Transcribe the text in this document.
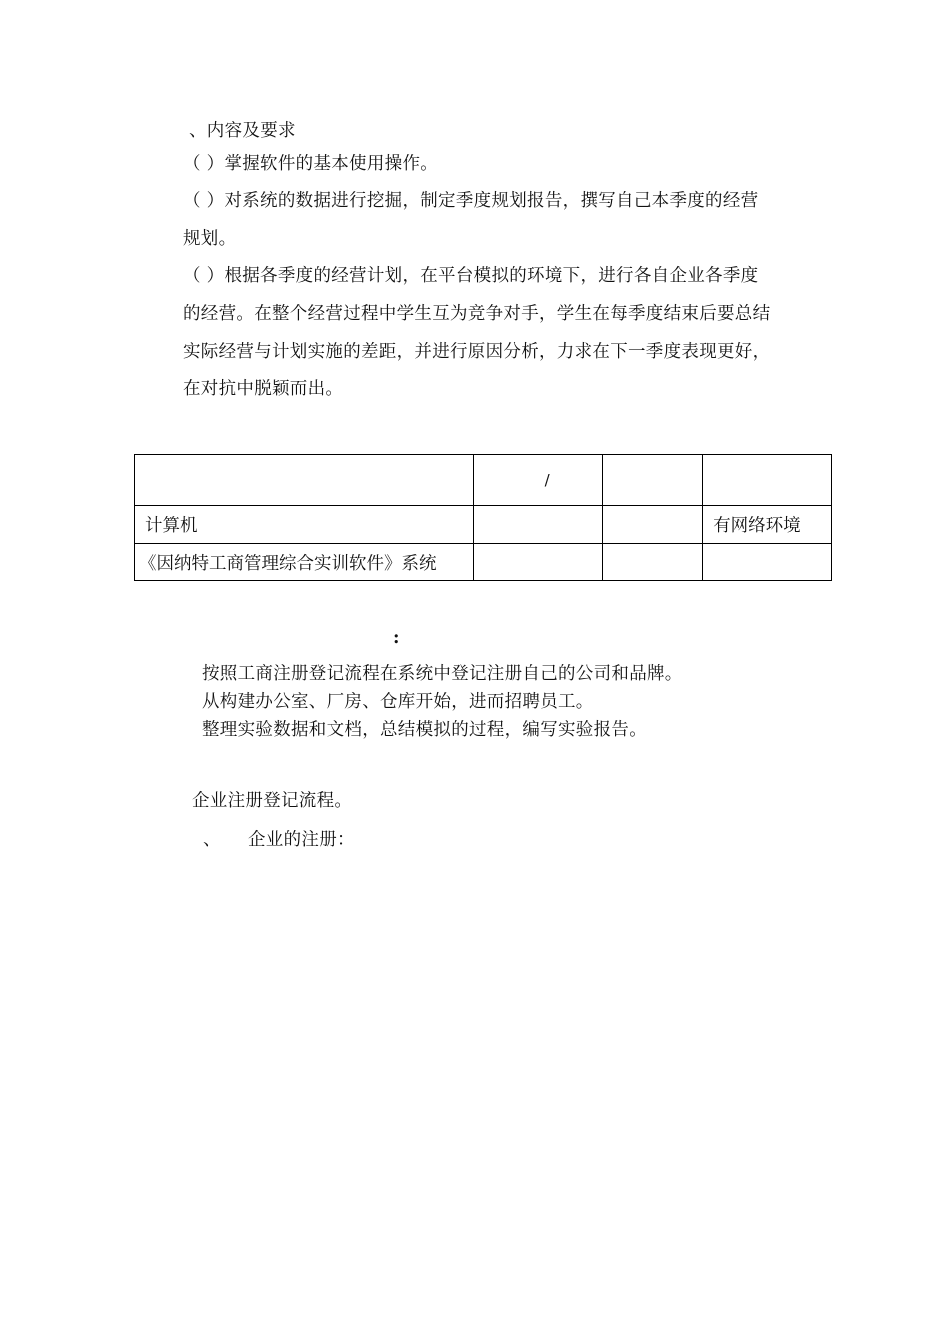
、内容及要求
（ ）掌握软件的基本使用操作。
（ ）对系统的数据进行挖掘，制定季度规划报告，撰写自己本季度的经营
规划。
（ ）根据各季度的经营计划，在平台模拟的环境下，进行各自企业各季度
的经营。在整个经营过程中学生互为竞争对手，学生在每季度结束后要总结
实际经营与计划实施的差距，并进行原因分析，力求在下一季度表现更好，
在对抗中脱颖而出。
	/		
计算机			有网络环境
《因纳特工商管理综合实训软件》系统			
:
按照工商注册登记流程在系统中登记注册自己的公司和品牌。
从构建办公室、厂房、仓库开始，进而招聘员工。
整理实验数据和文档，总结模拟的过程，编写实验报告。
企业注册登记流程。
、 企业的注册：
